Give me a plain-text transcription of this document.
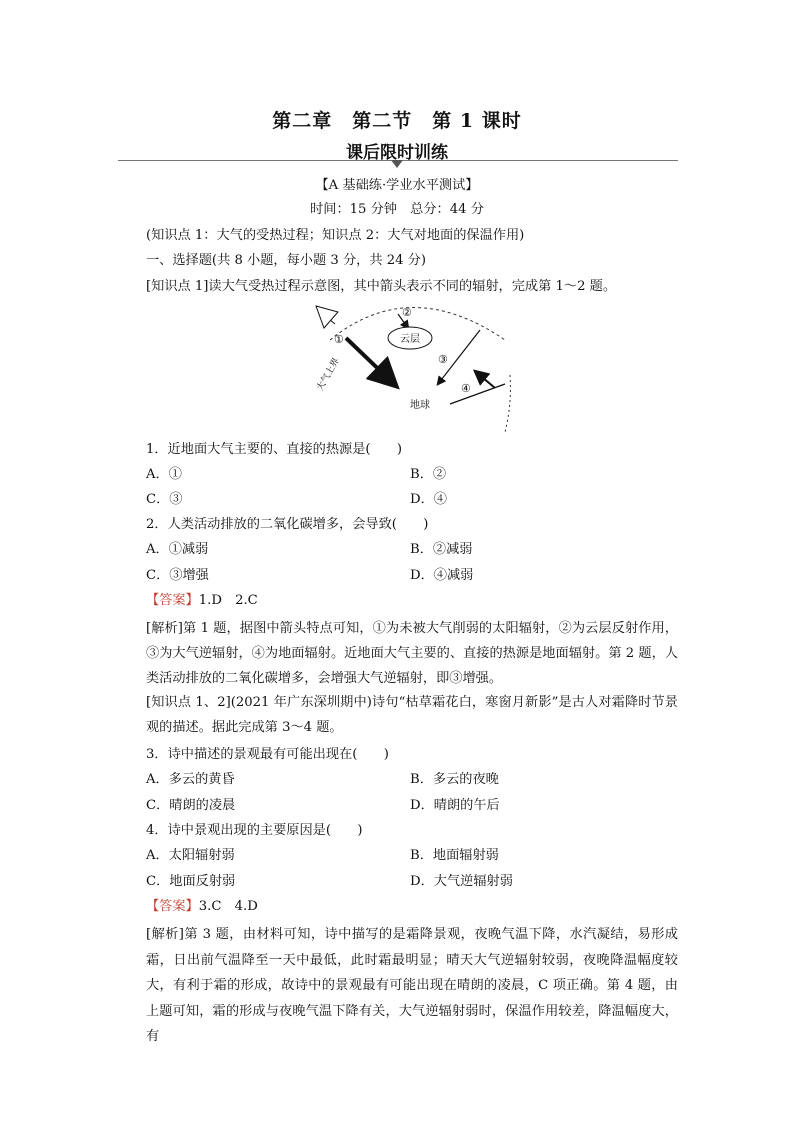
第二章　第二节　第 1 课时
课后限时训练
【A 基础练·学业水平测试】
时间：15 分钟　总分：44 分
(知识点 1：大气的受热过程；知识点 2：大气对地面的保温作用)
一、选择题(共 8 小题，每小题 3 分，共 24 分)
[知识点 1]读大气受热过程示意图，其中箭头表示不同的辐射，完成第 1～2 题。
①
②
云层
③
④
地球
大气上界
1．近地面大气主要的、直接的热源是(　　)
A．①	B．②
C．③	D．④
2．人类活动排放的二氧化碳增多，会导致(　　)
A．①减弱	B．②减弱
C．③增强	D．④减弱
【答案】1.D　2.C
[解析]第 1 题，据图中箭头特点可知，①为未被大气削弱的太阳辐射，②为云层反射作用，③为大气逆辐射，④为地面辐射。近地面大气主要的、直接的热源是地面辐射。第 2 题，人类活动排放的二氧化碳增多，会增强大气逆辐射，即③增强。
[知识点 1、2](2021 年广东深圳期中)诗句“枯草霜花白，寒窗月新影”是古人对霜降时节景观的描述。据此完成第 3～4 题。
3．诗中描述的景观最有可能出现在(　　)
A．多云的黄昏	B．多云的夜晚
C．晴朗的凌晨	D．晴朗的午后
4．诗中景观出现的主要原因是(　　)
A．太阳辐射弱	B．地面辐射弱
C．地面反射弱	D．大气逆辐射弱
【答案】3.C　4.D
[解析]第 3 题，由材料可知，诗中描写的是霜降景观，夜晚气温下降，水汽凝结，易形成霜，日出前气温降至一天中最低，此时霜最明显；晴天大气逆辐射较弱，夜晚降温幅度较大，有利于霜的形成，故诗中的景观最有可能出现在晴朗的凌晨，C 项正确。第 4 题，由上题可知，霜的形成与夜晚气温下降有关，大气逆辐射弱时，保温作用较差，降温幅度大，有
